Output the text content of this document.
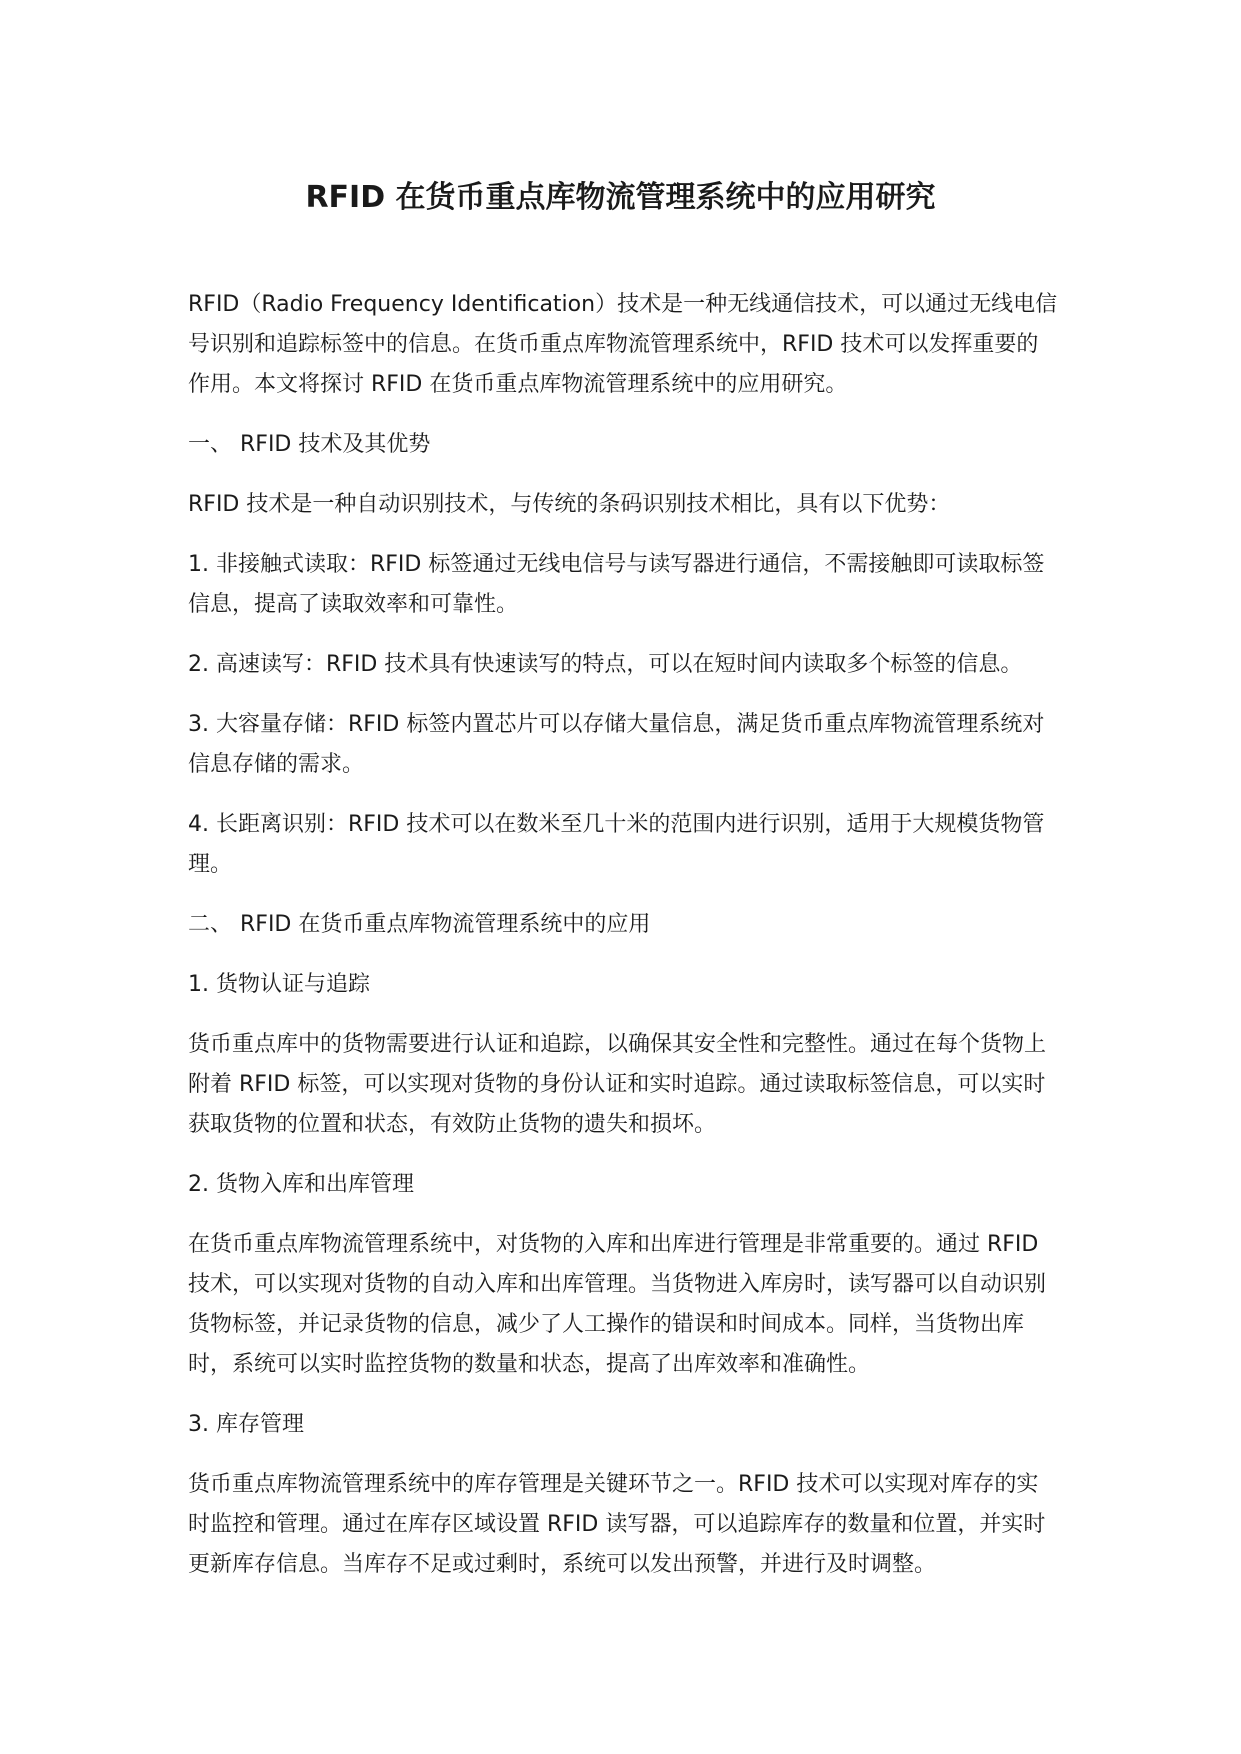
RFID 在货币重点库物流管理系统中的应用研究

RFID（Radio Frequency Identification）技术是一种无线通信技术，可以通过无线电信号识别和追踪标签中的信息。在货币重点库物流管理系统中，RFID 技术可以发挥重要的作用。本文将探讨 RFID 在货币重点库物流管理系统中的应用研究。

一、 RFID 技术及其优势

RFID 技术是一种自动识别技术，与传统的条码识别技术相比，具有以下优势：

1. 非接触式读取：RFID 标签通过无线电信号与读写器进行通信，不需接触即可读取标签信息，提高了读取效率和可靠性。

2. 高速读写：RFID 技术具有快速读写的特点，可以在短时间内读取多个标签的信息。

3. 大容量存储：RFID 标签内置芯片可以存储大量信息，满足货币重点库物流管理系统对信息存储的需求。

4. 长距离识别：RFID 技术可以在数米至几十米的范围内进行识别，适用于大规模货物管理。

二、 RFID 在货币重点库物流管理系统中的应用

1. 货物认证与追踪

货币重点库中的货物需要进行认证和追踪，以确保其安全性和完整性。通过在每个货物上附着 RFID 标签，可以实现对货物的身份认证和实时追踪。通过读取标签信息，可以实时获取货物的位置和状态，有效防止货物的遗失和损坏。

2. 货物入库和出库管理

在货币重点库物流管理系统中，对货物的入库和出库进行管理是非常重要的。通过 RFID 技术，可以实现对货物的自动入库和出库管理。当货物进入库房时，读写器可以自动识别货物标签，并记录货物的信息，减少了人工操作的错误和时间成本。同样，当货物出库时，系统可以实时监控货物的数量和状态，提高了出库效率和准确性。

3. 库存管理

货币重点库物流管理系统中的库存管理是关键环节之一。RFID 技术可以实现对库存的实时监控和管理。通过在库存区域设置 RFID 读写器，可以追踪库存的数量和位置，并实时更新库存信息。当库存不足或过剩时，系统可以发出预警，并进行及时调整。
